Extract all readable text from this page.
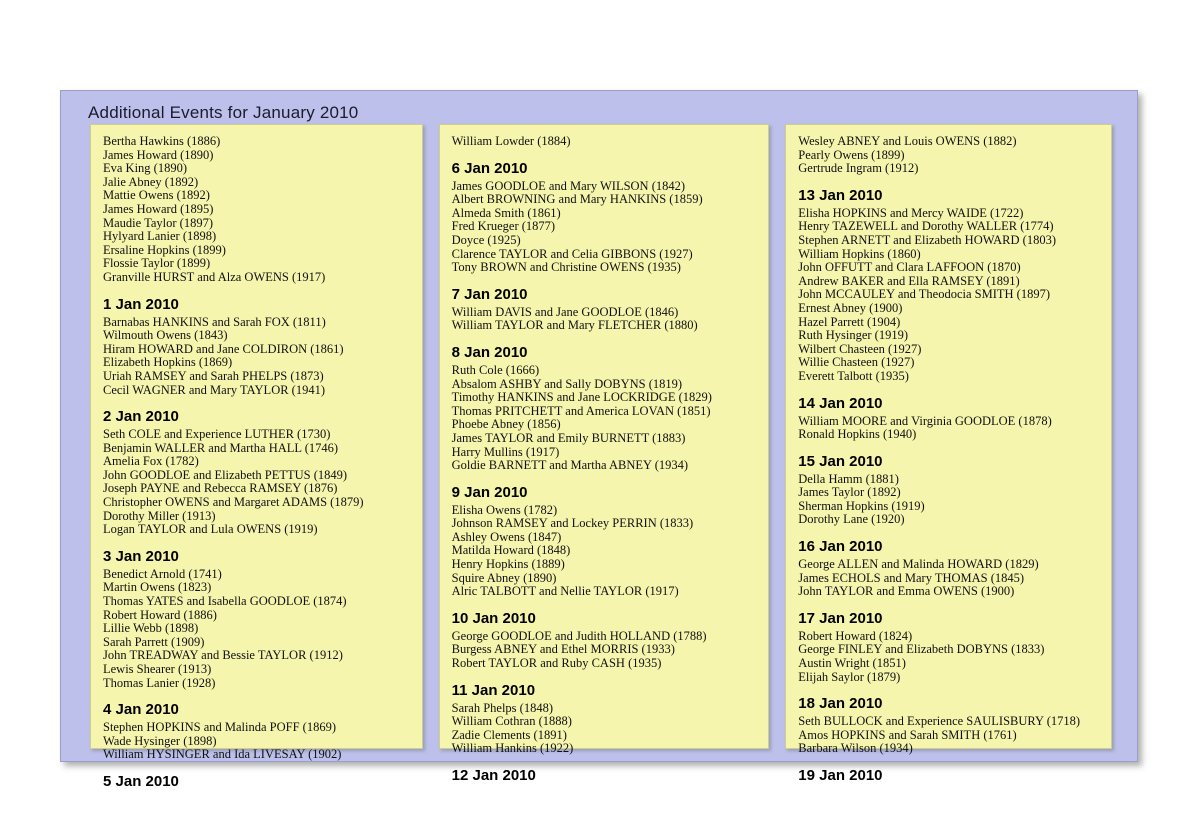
Additional Events for January 2010
Bertha Hawkins (1886)
James Howard (1890)
Eva King (1890)
Jalie Abney (1892)
Mattie Owens (1892)
James Howard (1895)
Maudie Taylor (1897)
Hylyard Lanier (1898)
Ersaline Hopkins (1899)
Flossie Taylor (1899)
Granville HURST and Alza OWENS (1917)
1 Jan 2010
Barnabas HANKINS and Sarah FOX (1811)
Wilmouth Owens (1843)
Hiram HOWARD and Jane COLDIRON (1861)
Elizabeth Hopkins (1869)
Uriah RAMSEY and Sarah PHELPS (1873)
Cecil WAGNER and Mary TAYLOR (1941)
2 Jan 2010
Seth COLE and Experience LUTHER (1730)
Benjamin WALLER and Martha HALL (1746)
Amelia Fox (1782)
John GOODLOE and Elizabeth PETTUS (1849)
Joseph PAYNE and Rebecca RAMSEY (1876)
Christopher OWENS and Margaret ADAMS (1879)
Dorothy Miller (1913)
Logan TAYLOR and Lula OWENS (1919)
3 Jan 2010
Benedict Arnold (1741)
Martin Owens (1823)
Thomas YATES and Isabella GOODLOE (1874)
Robert Howard (1886)
Lillie Webb (1898)
Sarah Parrett (1909)
John TREADWAY and Bessie TAYLOR (1912)
Lewis Shearer (1913)
Thomas Lanier (1928)
4 Jan 2010
Stephen HOPKINS and Malinda POFF (1869)
Wade Hysinger (1898)
William HYSINGER and Ida LIVESAY (1902)
5 Jan 2010
William Lowder (1884)
6 Jan 2010
James GOODLOE and Mary WILSON (1842)
Albert BROWNING and Mary HANKINS (1859)
Almeda Smith (1861)
Fred Krueger (1877)
Doyce (1925)
Clarence TAYLOR and Celia GIBBONS (1927)
Tony BROWN and Christine OWENS (1935)
7 Jan 2010
William DAVIS and Jane GOODLOE (1846)
William TAYLOR and Mary FLETCHER (1880)
8 Jan 2010
Ruth Cole (1666)
Absalom ASHBY and Sally DOBYNS (1819)
Timothy HANKINS and Jane LOCKRIDGE (1829)
Thomas PRITCHETT and America LOVAN (1851)
Phoebe Abney (1856)
James TAYLOR and Emily BURNETT (1883)
Harry Mullins (1917)
Goldie BARNETT and Martha ABNEY (1934)
9 Jan 2010
Elisha Owens (1782)
Johnson RAMSEY and Lockey PERRIN (1833)
Ashley Owens (1847)
Matilda Howard (1848)
Henry Hopkins (1889)
Squire Abney (1890)
Alric TALBOTT and Nellie TAYLOR (1917)
10 Jan 2010
George GOODLOE and Judith HOLLAND (1788)
Burgess ABNEY and Ethel MORRIS (1933)
Robert TAYLOR and Ruby CASH (1935)
11 Jan 2010
Sarah Phelps (1848)
William Cothran (1888)
Zadie Clements (1891)
William Hankins (1922)
12 Jan 2010
Wesley ABNEY and Louis OWENS (1882)
Pearly Owens (1899)
Gertrude Ingram (1912)
13 Jan 2010
Elisha HOPKINS and Mercy WAIDE (1722)
Henry TAZEWELL and Dorothy WALLER (1774)
Stephen ARNETT and Elizabeth HOWARD (1803)
William Hopkins (1860)
John OFFUTT and Clara LAFFOON (1870)
Andrew BAKER and Ella RAMSEY (1891)
John MCCAULEY and Theodocia SMITH (1897)
Ernest Abney (1900)
Hazel Parrett (1904)
Ruth Hysinger (1919)
Wilbert Chasteen (1927)
Willie Chasteen (1927)
Everett Talbott (1935)
14 Jan 2010
William MOORE and Virginia GOODLOE (1878)
Ronald Hopkins (1940)
15 Jan 2010
Della Hamm (1881)
James Taylor (1892)
Sherman Hopkins (1919)
Dorothy Lane (1920)
16 Jan 2010
George ALLEN and Malinda HOWARD (1829)
James ECHOLS and Mary THOMAS (1845)
John TAYLOR and Emma OWENS (1900)
17 Jan 2010
Robert Howard (1824)
George FINLEY and Elizabeth DOBYNS (1833)
Austin Wright (1851)
Elijah Saylor (1879)
18 Jan 2010
Seth BULLOCK and Experience SAULISBURY (1718)
Amos HOPKINS and Sarah SMITH (1761)
Barbara Wilson (1934)
19 Jan 2010
